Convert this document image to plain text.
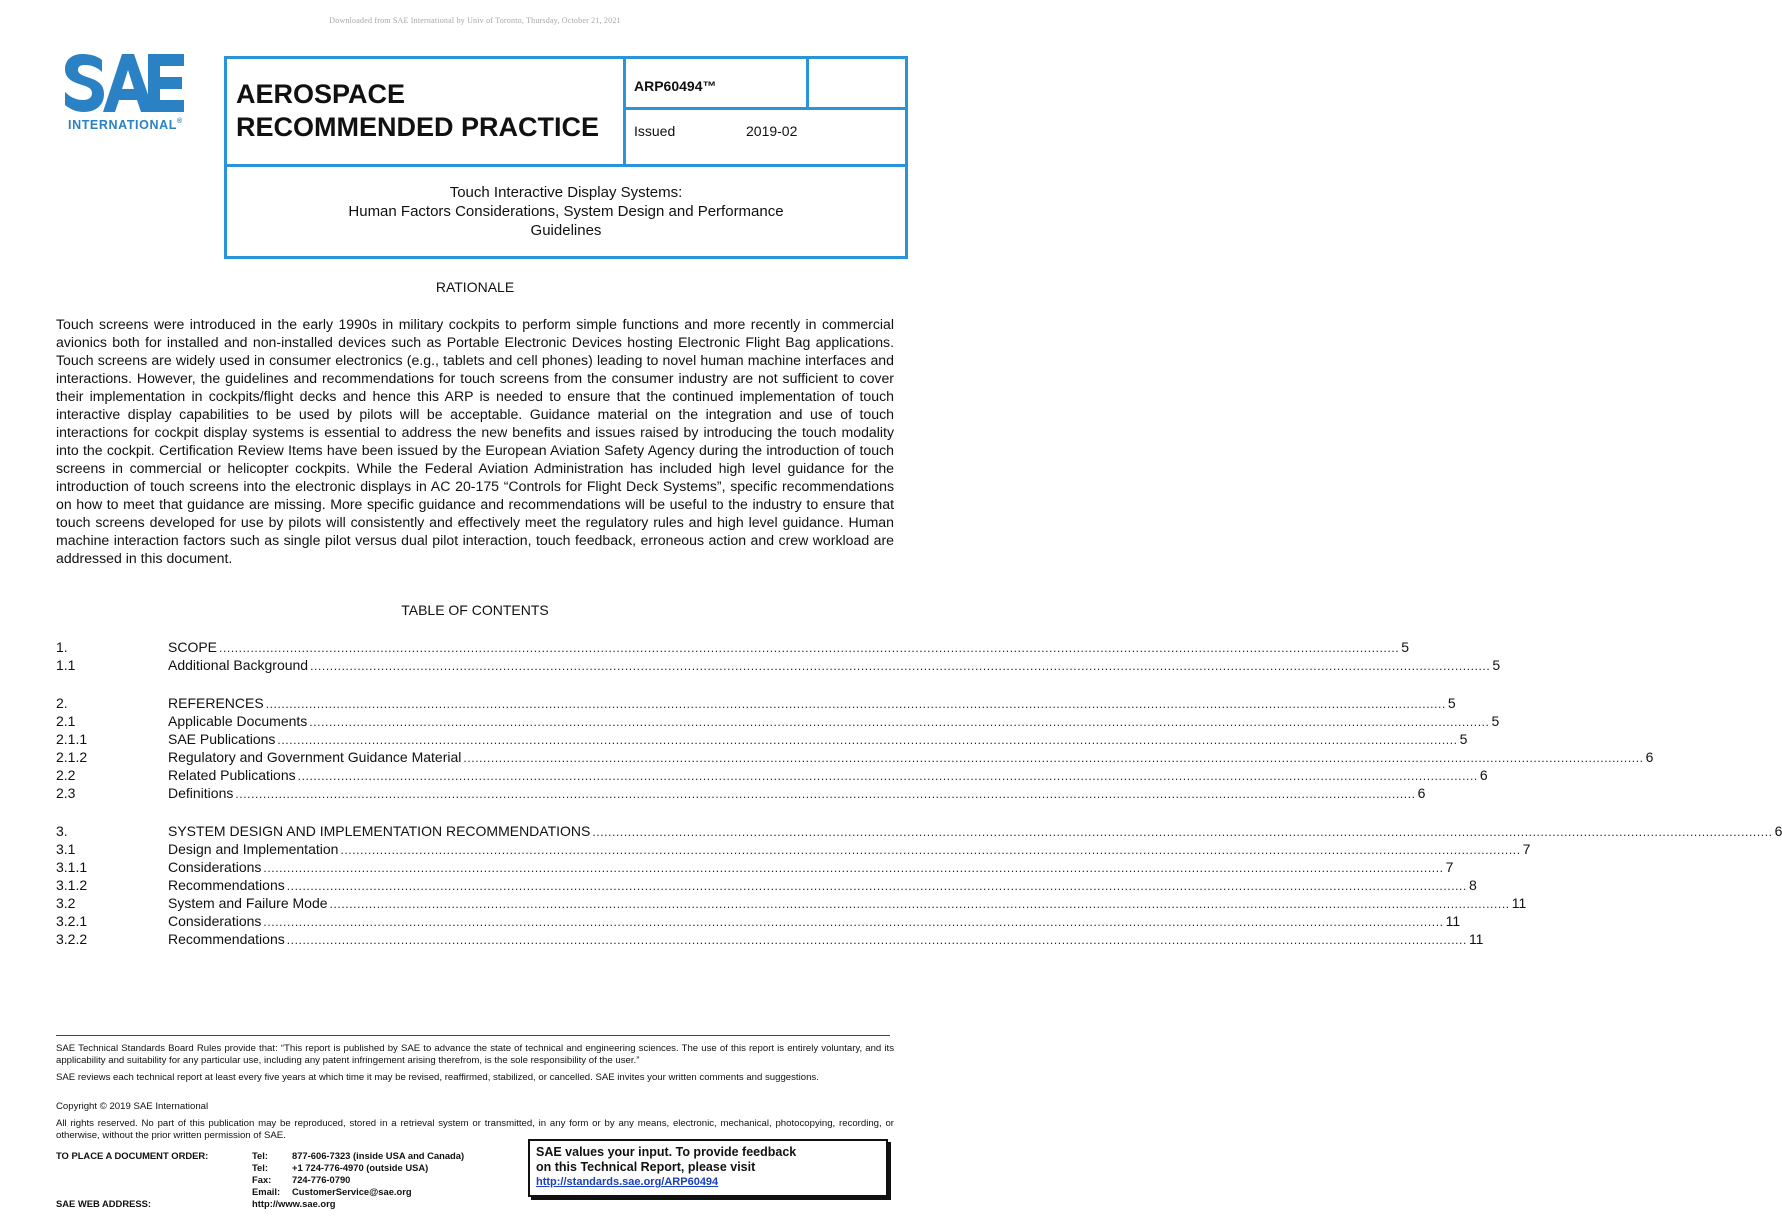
Downloaded from SAE International by Univ of Toronto, Thursday, October 21, 2021
INTERNATIONAL®
AEROSPACE
RECOMMENDED PRACTICE
ARP60494™
Issued	2019-02
Touch Interactive Display Systems:
Human Factors Considerations, System Design and Performance
Guidelines
RATIONALE
Touch screens were introduced in the early 1990s in military cockpits to perform simple functions and more recently in commercial avionics both for installed and non-installed devices such as Portable Electronic Devices hosting Electronic Flight Bag applications. Touch screens are widely used in consumer electronics (e.g., tablets and cell phones) leading to novel human machine interfaces and interactions. However, the guidelines and recommendations for touch screens from the consumer industry are not sufficient to cover their implementation in cockpits/flight decks and hence this ARP is needed to ensure that the continued implementation of touch interactive display capabilities to be used by pilots will be acceptable. Guidance material on the integration and use of touch interactions for cockpit display systems is essential to address the new benefits and issues raised by introducing the touch modality into the cockpit. Certification Review Items have been issued by the European Aviation Safety Agency during the introduction of touch screens in commercial or helicopter cockpits. While the Federal Aviation Administration has included high level guidance for the introduction of touch screens into the electronic displays in AC 20-175 “Controls for Flight Deck Systems”, specific recommendations on how to meet that guidance are missing. More specific guidance and recommendations will be useful to the industry to ensure that touch screens developed for use by pilots will consistently and effectively meet the regulatory rules and high level guidance. Human machine interaction factors such as single pilot versus dual pilot interaction, touch feedback, erroneous action and crew workload are addressed in this document.
TABLE OF CONTENTS
1.	SCOPE ............................................................................................................................................................................................................................................................................................................ 5
1.1	Additional Background ............................................................................................................................................................................................................................................................................................................ 5
2.	REFERENCES ............................................................................................................................................................................................................................................................................................................ 5
2.1	Applicable Documents ............................................................................................................................................................................................................................................................................................................ 5
2.1.1	SAE Publications ............................................................................................................................................................................................................................................................................................................ 5
2.1.2	Regulatory and Government Guidance Material ............................................................................................................................................................................................................................................................................................................ 6
2.2	Related Publications ............................................................................................................................................................................................................................................................................................................ 6
2.3	Definitions ............................................................................................................................................................................................................................................................................................................ 6
3.	SYSTEM DESIGN AND IMPLEMENTATION RECOMMENDATIONS ............................................................................................................................................................................................................................................................................................................ 6
3.1	Design and Implementation ............................................................................................................................................................................................................................................................................................................ 7
3.1.1	Considerations ............................................................................................................................................................................................................................................................................................................ 7
3.1.2	Recommendations ............................................................................................................................................................................................................................................................................................................ 8
3.2	System and Failure Mode ............................................................................................................................................................................................................................................................................................................ 11
3.2.1	Considerations ............................................................................................................................................................................................................................................................................................................ 11
3.2.2	Recommendations ............................................................................................................................................................................................................................................................................................................ 11
SAE Technical Standards Board Rules provide that: “This report is published by SAE to advance the state of technical and engineering sciences. The use of this report is entirely voluntary, and its applicability and suitability for any particular use, including any patent infringement arising therefrom, is the sole responsibility of the user.”
SAE reviews each technical report at least every five years at which time it may be revised, reaffirmed, stabilized, or cancelled. SAE invites your written comments and suggestions.
Copyright © 2019 SAE International
All rights reserved. No part of this publication may be reproduced, stored in a retrieval system or transmitted, in any form or by any means, electronic, mechanical, photocopying, recording, or otherwise, without the prior written permission of SAE.
TO PLACE A DOCUMENT ORDER:	Tel:	877-606-7323 (inside USA and Canada)
Tel:	+1 724-776-4970 (outside USA)
Fax:	724-776-0790
Email:	CustomerService@sae.org
SAE WEB ADDRESS:	http://www.sae.org
SAE values your input. To provide feedback
on this Technical Report, please visit
http://standards.sae.org/ARP60494
